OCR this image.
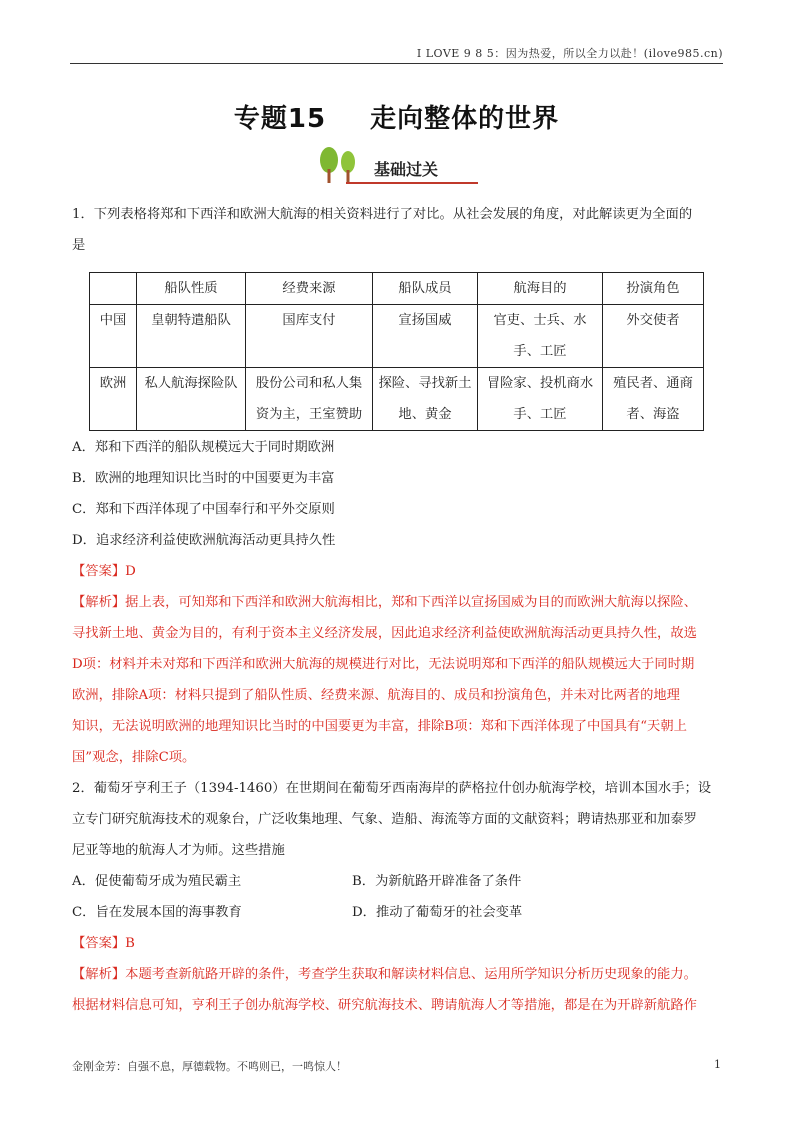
I LOVE 9 8 5：因为热爱，所以全力以赴！(ilove985.cn)
专题15 走向整体的世界
基础过关
1．下列表格将郑和下西洋和欧洲大航海的相关资料进行了对比。从社会发展的角度，对此解读更为全面的
是
	船队性质	经费来源	船队成员	航海目的	扮演角色
中国	皇朝特遣船队	国库支付	宣扬国威	官吏、士兵、水手、工匠	外交使者
欧洲	私人航海探险队	股份公司和私人集资为主，王室赞助	探险、寻找新土地、黄金	冒险家、投机商水手、工匠	殖民者、通商者、海盗
A．郑和下西洋的船队规模远大于同时期欧洲
B．欧洲的地理知识比当时的中国要更为丰富
C．郑和下西洋体现了中国奉行和平外交原则
D．追求经济利益使欧洲航海活动更具持久性
【答案】D
【解析】据上表，可知郑和下西洋和欧洲大航海相比，郑和下西洋以宣扬国威为目的而欧洲大航海以探险、
寻找新土地、黄金为目的，有利于资本主义经济发展，因此追求经济利益使欧洲航海活动更具持久性，故选
D项：材料并未对郑和下西洋和欧洲大航海的规模进行对比，无法说明郑和下西洋的船队规模远大于同时期
欧洲，排除A项：材料只提到了船队性质、经费来源、航海目的、成员和扮演角色，并未对比两者的地理
知识，无法说明欧洲的地理知识比当时的中国要更为丰富，排除B项：郑和下西洋体现了中国具有“天朝上
国”观念，排除C项。
2．葡萄牙亨利王子（1394-1460）在世期间在葡萄牙西南海岸的萨格拉什创办航海学校，培训本国水手；设
立专门研究航海技术的观象台，广泛收集地理、气象、造船、海流等方面的文献资料；聘请热那亚和加泰罗
尼亚等地的航海人才为师。这些措施
A．促使葡萄牙成为殖民霸主	B．为新航路开辟准备了条件
C．旨在发展本国的海事教育	D．推动了葡萄牙的社会变革
【答案】B
【解析】本题考查新航路开辟的条件，考查学生获取和解读材料信息、运用所学知识分析历史现象的能力。
根据材料信息可知，亨利王子创办航海学校、研究航海技术、聘请航海人才等措施，都是在为开辟新航路作
金刚金芳：自强不息，厚德载物。不鸣则已，一鸣惊人！	1
